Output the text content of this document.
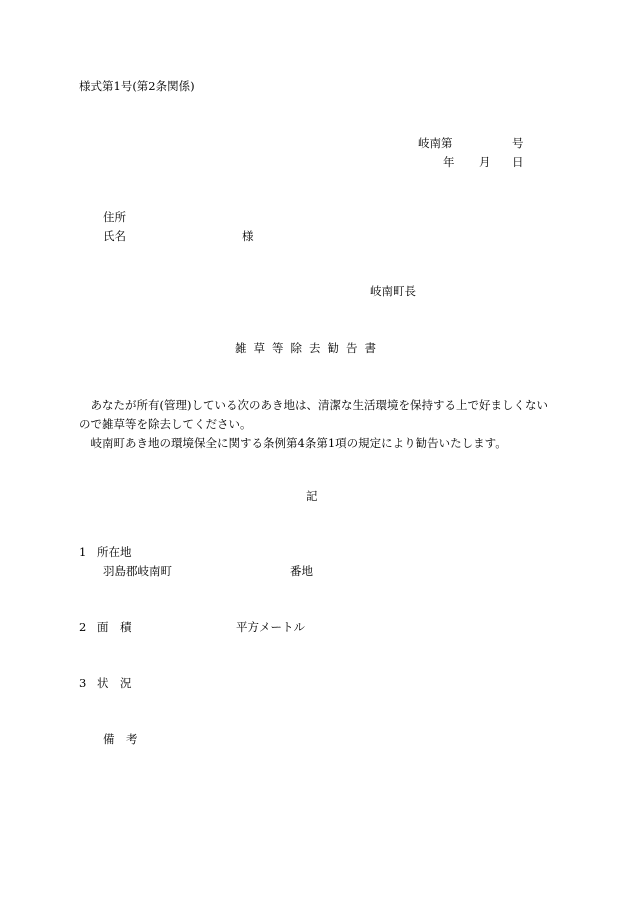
様式第1号(第2条関係)
岐南第	号
年 月 日
住所
氏名	様
岐南町長
雑草等除去勧告書
あなたが所有(管理)している次のあき地は、清潔な生活環境を保持する上で好ましくないので雑草等を除去してください。
岐南町あき地の環境保全に関する条例第4条第1項の規定により勧告いたします。
記
1 所在地
羽島郡岐南町	番地
2 面　積	平方メートル
3 状　況
備　考
